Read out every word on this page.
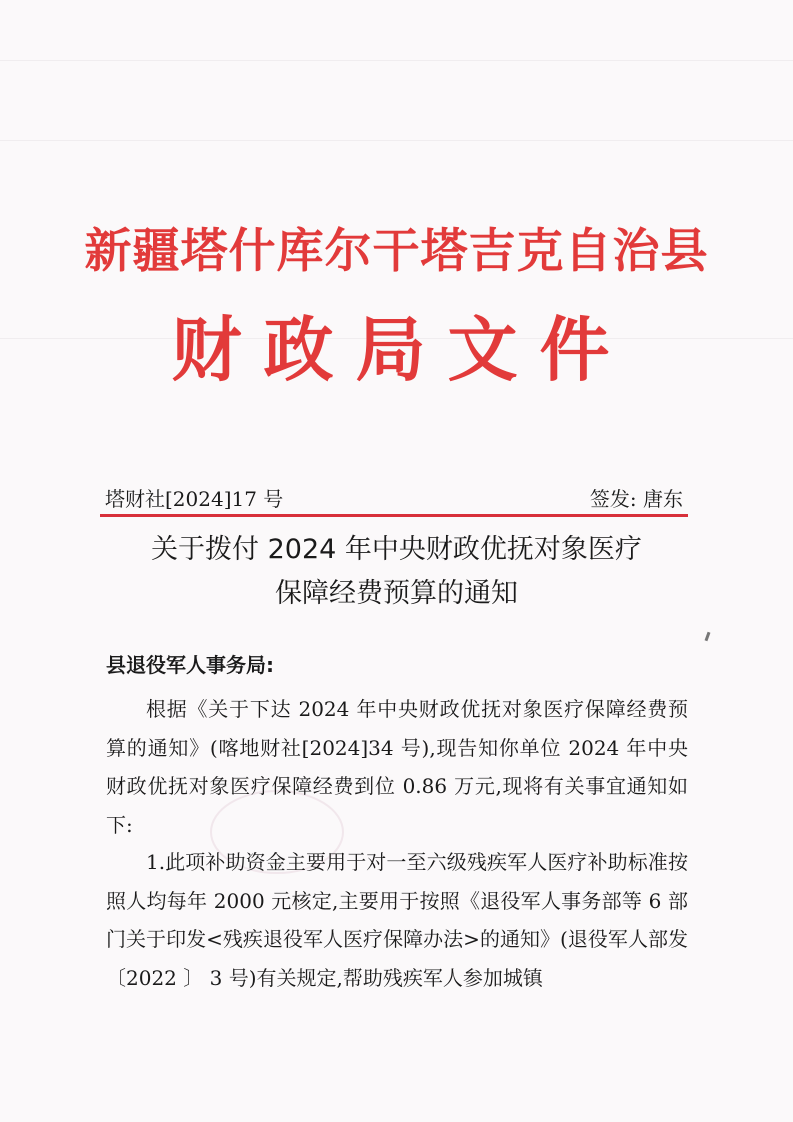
新疆塔什库尔干塔吉克自治县
财政局文件
塔财社[2024]17 号	签发: 唐东
关于拨付 2024 年中央财政优抚对象医疗
保障经费预算的通知
县退役军人事务局:
根据《关于下达 2024 年中央财政优抚对象医疗保障经费预算的通知》(喀地财社[2024]34 号),现告知你单位 2024 年中央财政优抚对象医疗保障经费到位 0.86 万元,现将有关事宜通知如下:
1.此项补助资金主要用于对一至六级残疾军人医疗补助标准按照人均每年 2000 元核定,主要用于按照《退役军人事务部等 6 部门关于印发<残疾退役军人医疗保障办法>的通知》(退役军人部发〔2022 〕 3 号)有关规定,帮助残疾军人参加城镇
